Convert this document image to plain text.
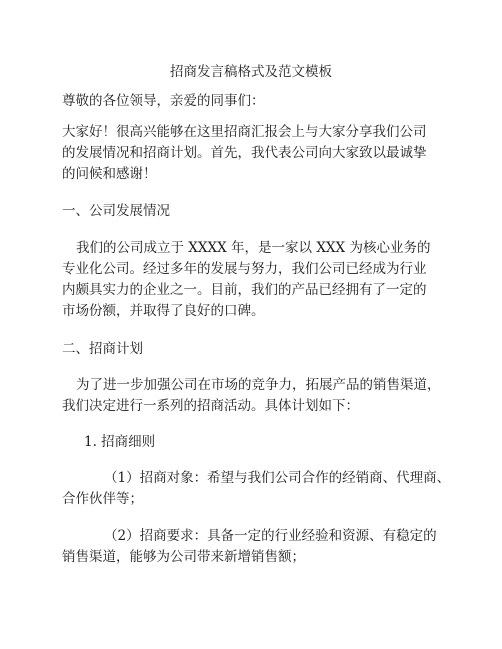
招商发言稿格式及范文模板
尊敬的各位领导，亲爱的同事们：
大家好！很高兴能够在这里招商汇报会上与大家分享我们公司
的发展情况和招商计划。首先，我代表公司向大家致以最诚挚
的问候和感谢！
一、公司发展情况
我们的公司成立于 XXXX 年，是一家以 XXX 为核心业务的
专业化公司。经过多年的发展与努力，我们公司已经成为行业
内颇具实力的企业之一。目前，我们的产品已经拥有了一定的
市场份额，并取得了良好的口碑。
二、招商计划
为了进一步加强公司在市场的竞争力，拓展产品的销售渠道，
我们决定进行一系列的招商活动。具体计划如下：
1. 招商细则
（1）招商对象：希望与我们公司合作的经销商、代理商、
合作伙伴等；
（2）招商要求：具备一定的行业经验和资源、有稳定的
销售渠道，能够为公司带来新增销售额；
